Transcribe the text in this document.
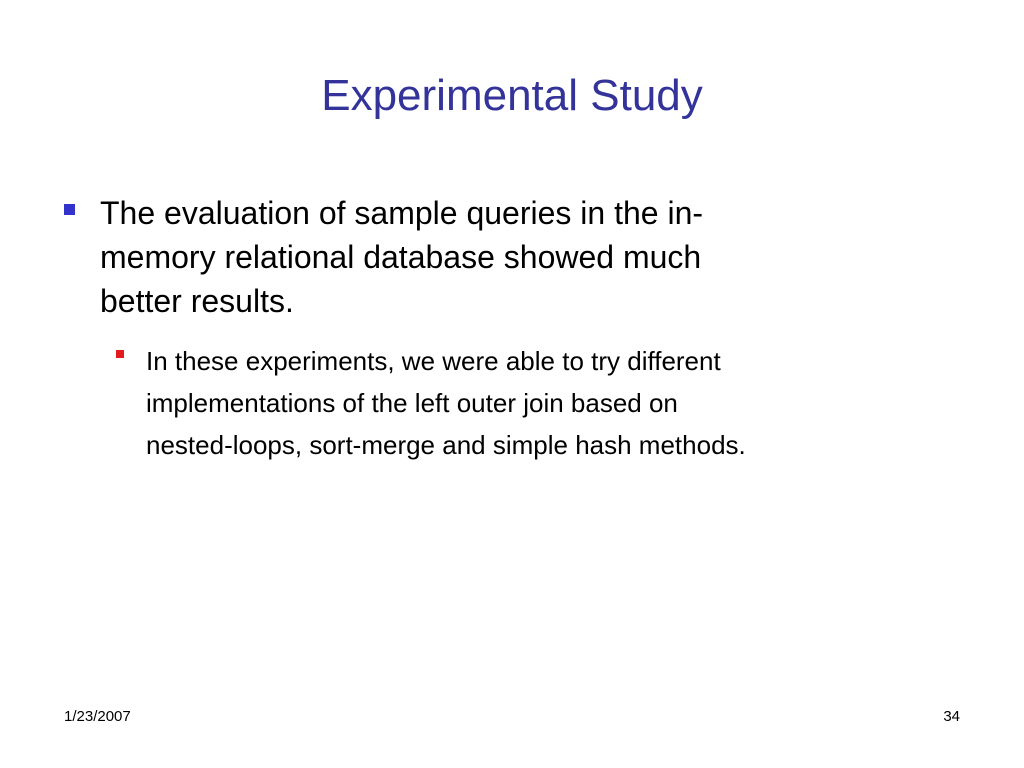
Experimental Study
The evaluation of sample queries in the in-
memory relational database showed much
better results.
In these experiments, we were able to try different
implementations of the left outer join based on
nested-loops, sort-merge and simple hash methods.
1/23/2007	34
